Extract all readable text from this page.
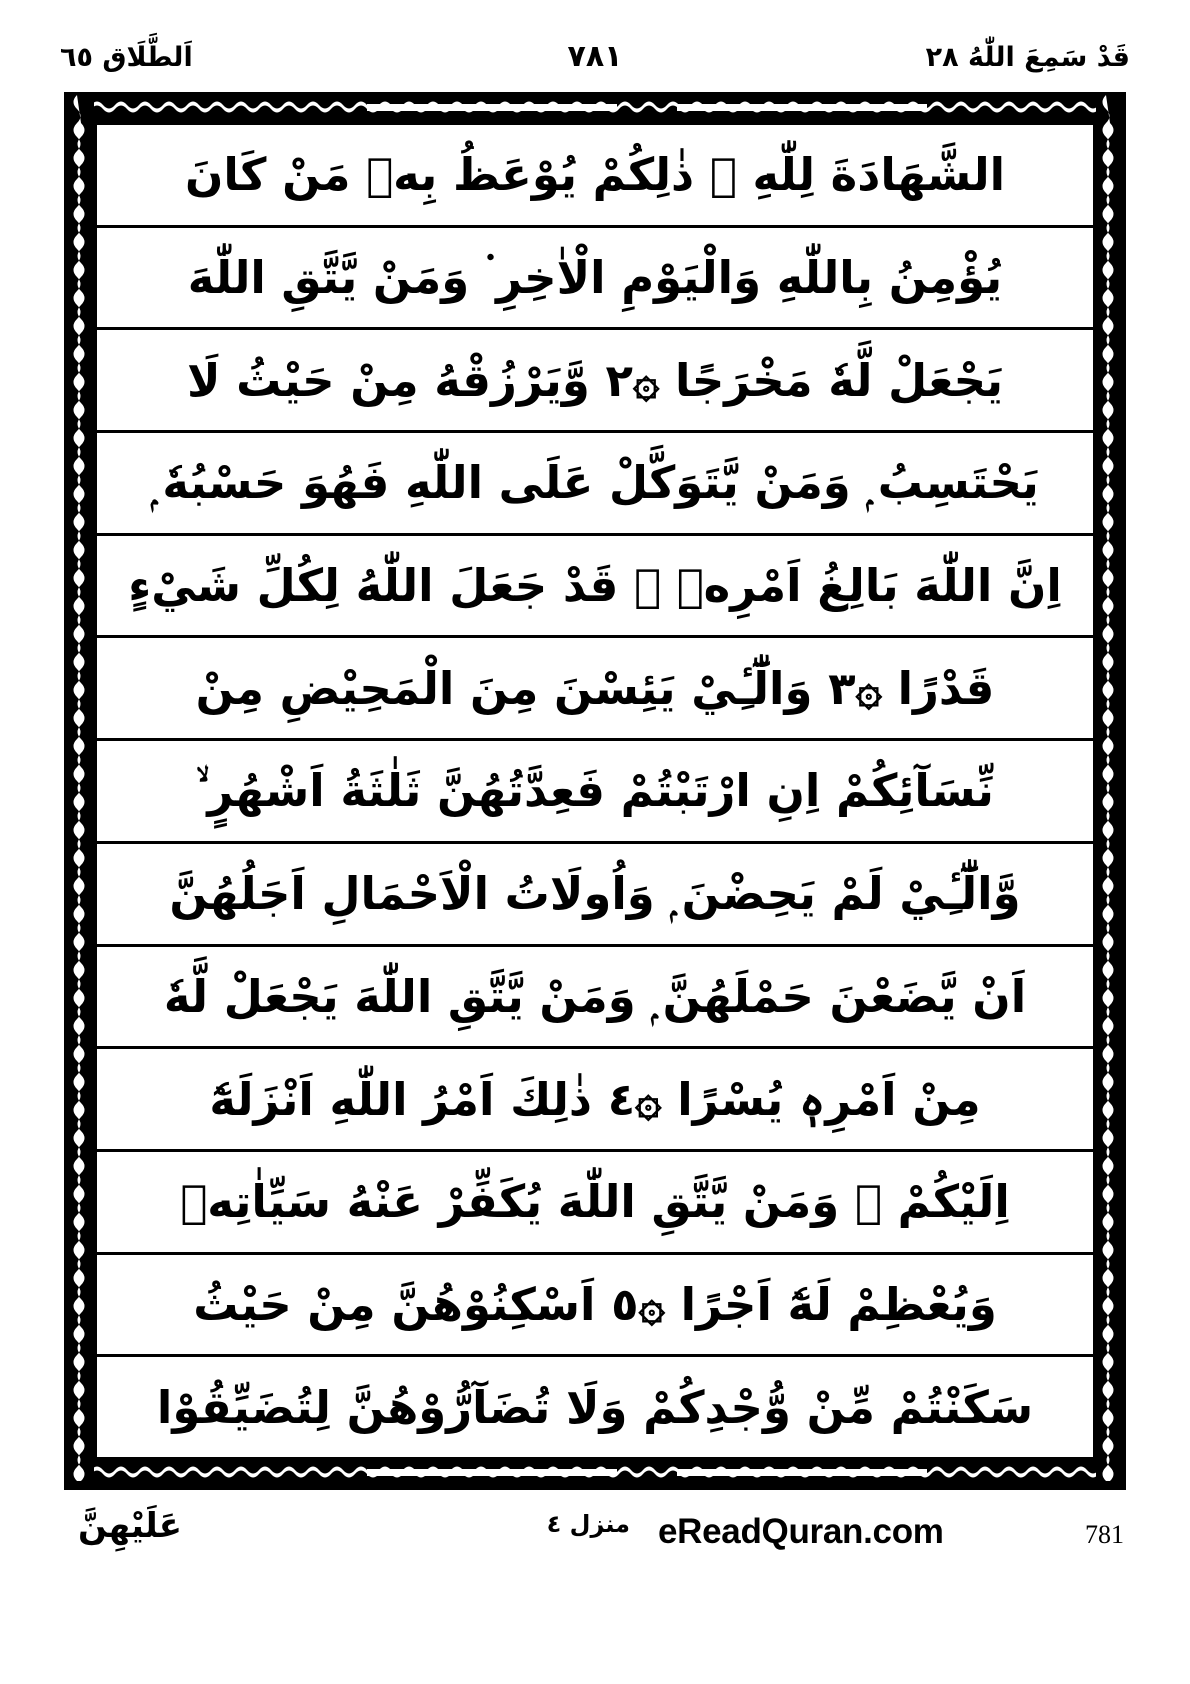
قَدْ سَمِعَ اللّٰهُ ٢٨
٧٨١
اَلطَّلَاق ٦٥
الشَّهَادَةَ لِلّٰهِ ۭ ذٰلِكُمْ يُوْعَظُ بِهٖ مَنْ كَانَ
يُؤْمِنُ بِاللّٰهِ وَالْيَوْمِ الْاٰخِرِ ۬ وَمَنْ يَّتَّقِ اللّٰهَ
يَجْعَلْ لَّهٗ مَخْرَجًا ۞٢ وَّيَرْزُقْهُ مِنْ حَيْثُ لَا
يَحْتَسِبُ ۭ وَمَنْ يَّتَوَكَّلْ عَلَى اللّٰهِ فَهُوَ حَسْبُهٗ ۭ
اِنَّ اللّٰهَ بَالِغُ اَمْرِهٖ ۭ قَدْ جَعَلَ اللّٰهُ لِكُلِّ شَيْءٍ
قَدْرًا ۞٣ وَالّٰٓـِٔيْ يَئِسْنَ مِنَ الْمَحِيْضِ مِنْ
نِّسَآئِكُمْ اِنِ ارْتَبْتُمْ فَعِدَّتُهُنَّ ثَلٰثَةُ اَشْهُرٍ ۙ
وَّالّٰٓـِٔيْ لَمْ يَحِضْنَ ۭ وَاُولَاتُ الْاَحْمَالِ اَجَلُهُنَّ
اَنْ يَّضَعْنَ حَمْلَهُنَّ ۭ وَمَنْ يَّتَّقِ اللّٰهَ يَجْعَلْ لَّهٗ
مِنْ اَمْرِهٖ يُسْرًا ۞٤ ذٰلِكَ اَمْرُ اللّٰهِ اَنْزَلَهٗٓ
اِلَيْكُمْ ۭ وَمَنْ يَّتَّقِ اللّٰهَ يُكَفِّرْ عَنْهُ سَيِّاٰتِهٖ
وَيُعْظِمْ لَهٗٓ اَجْرًا ۞٥ اَسْكِنُوْهُنَّ مِنْ حَيْثُ
سَكَنْتُمْ مِّنْ وُّجْدِكُمْ وَلَا تُضَآرُّوْهُنَّ لِتُضَيِّقُوْا
عَلَيْهِنَّ	منزل ٤ eReadQuran.com	781
